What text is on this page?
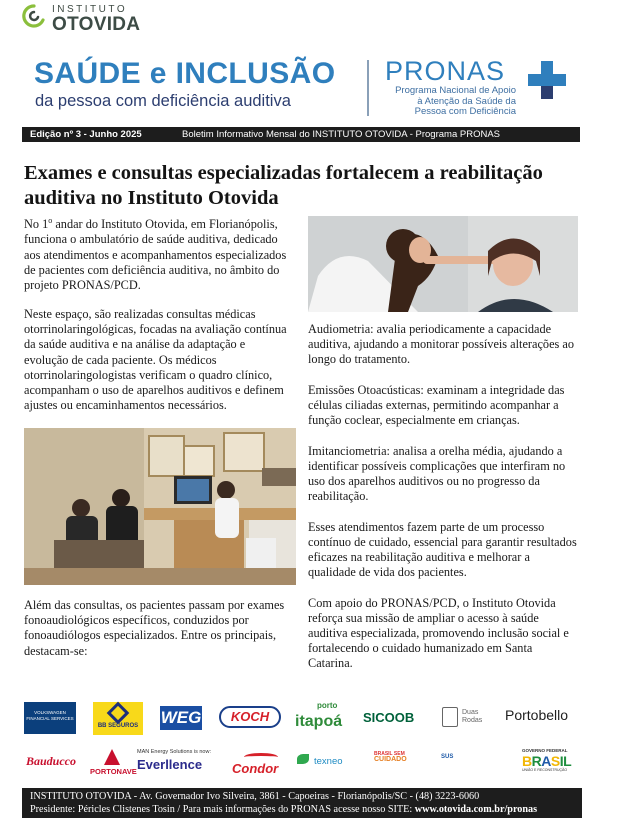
INSTITUTO
OTOVIDA
SAÚDE e INCLUSÃO
da pessoa com deficiência auditiva
PRONAS
Programa Nacional de Apoio
à Atenção da Saúde da
Pessoa com Deficiência
Edição nº 3 - Junho 2025	Boletim Informativo Mensal do INSTITUTO OTOVIDA - Programa PRONAS
Exames e consultas especializadas fortalecem a reabilitação auditiva no Instituto Otovida
No 1$^o$ andar do Instituto Otovida, em Florianópolis, funciona o ambulatório de saúde auditiva, dedicado aos atendimentos e acompanhamentos especializados de pacientes com deficiência auditiva, no âmbito do projeto PRONAS/PCD.
Neste espaço, são realizadas consultas médicas otorrinolaringológicas, focadas na avaliação contínua da saúde auditiva e na análise da adaptação e evolução de cada paciente. Os médicos otorrinolaringologistas verificam o quadro clínico, acompanham o uso de aparelhos auditivos e definem ajustes ou encaminhamentos necessários.
Além das consultas, os pacientes passam por exames fonoaudiológicos específicos, conduzidos por fonoaudiólogos especializados. Entre os principais, destacam-se:

Audiometria: avalia periodicamente a capacidade auditiva, ajudando a monitorar possíveis alterações ao longo do tratamento.

Emissões Otoacústicas: examinam a integridade das células ciliadas externas, permitindo acompanhar a função coclear, especialmente em crianças.

Imitanciometria: analisa a orelha média, ajudando a identificar possíveis complicações que interfiram no uso dos aparelhos auditivos ou no progresso da reabilitação.

Esses atendimentos fazem parte de um processo contínuo de cuidado, essencial para garantir resultados eficazes na reabilitação auditiva e melhorar a qualidade de vida dos pacientes.

Com apoio do PRONAS/PCD, o Instituto Otovida reforça sua missão de ampliar o acesso à saúde auditiva especializada, promovendo inclusão social e fortalecendo o cuidado humanizado em Santa Catarina.

VOLKSWAGEN
FINANCIAL SERVICES
BB SEGUROS WEG	KOCH
porto
itapoá SICOOB	Duas
Rodas Portobello
Bauducco
PORTONAVE
MAN Energy Solutions is now:
Everllence Condor	texneo
BRASIL SEM
CUIDADO	SUS
GOVERNO FEDERAL
BRASIL
UNIÃO E RECONSTRUÇÃO
INSTITUTO OTOVIDA - Av. Governador Ivo Silveira, 3861 - Capoeiras - Florianópolis/SC - (48) 3223-6060
Presidente: Péricles Clistenes Tosin / Para mais informações do PRONAS acesse nosso SITE: www.otovida.com.br/pronas
